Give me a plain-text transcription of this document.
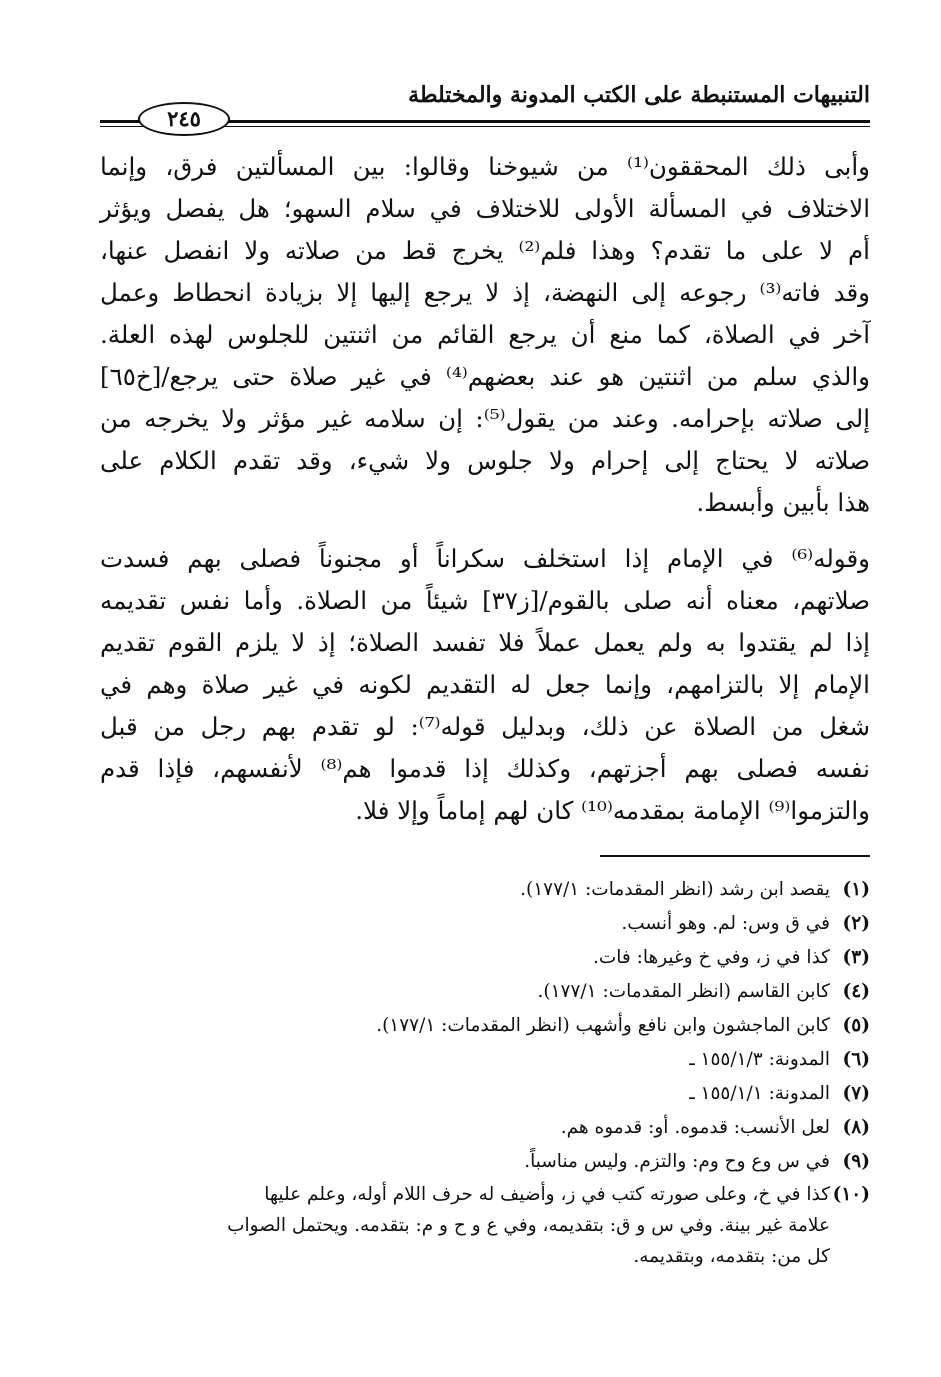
التنبيهات المستنبطة على الكتب المدونة والمختلطة
٢٤٥

وأبى ذلك المحققون⁽¹⁾ من شيوخنا وقالوا: بين المسألتين فرق، وإنما
الاختلاف في المسألة الأولى للاختلاف في سلام السهو؛ هل يفصل ويؤثر
أم لا على ما تقدم؟ وهذا فلم⁽²⁾ يخرج قط من صلاته ولا انفصل عنها،
وقد فاته⁽³⁾ رجوعه إلى النهضة، إذ لا يرجع إليها إلا بزيادة انحطاط وعمل
آخر في الصلاة، كما منع أن يرجع القائم من اثنتين للجلوس لهذه العلة.
والذي سلم من اثنتين هو عند بعضهم⁽⁴⁾ في غير صلاة حتى يرجع/[خ٦٥]
إلى صلاته بإحرامه. وعند من يقول⁽⁵⁾: إن سلامه غير مؤثر ولا يخرجه من
صلاته لا يحتاج إلى إحرام ولا جلوس ولا شيء، وقد تقدم الكلام على
هذا بأبين وأبسط.

وقوله⁽⁶⁾ في الإمام إذا استخلف سكراناً أو مجنوناً فصلى بهم فسدت
صلاتهم، معناه أنه صلى بالقوم/[ز٣٧] شيئاً من الصلاة. وأما نفس تقديمه
إذا لم يقتدوا به ولم يعمل عملاً فلا تفسد الصلاة؛ إذ لا يلزم القوم تقديم
الإمام إلا بالتزامهم، وإنما جعل له التقديم لكونه في غير صلاة وهم في
شغل من الصلاة عن ذلك، وبدليل قوله⁽⁷⁾: لو تقدم بهم رجل من قبل
نفسه فصلى بهم أجزتهم، وكذلك إذا قدموا هم⁽⁸⁾ لأنفسهم، فإذا قدم
والتزموا⁽⁹⁾ الإمامة بمقدمه⁽¹⁰⁾ كان لهم إماماً وإلا فلا.

(١)يقصد ابن رشد (انظر المقدمات: ١٧٧/١).
(٢)في ق وس: لم. وهو أنسب.
(٣)كذا في ز، وفي خ وغيرها: فات.
(٤)كابن القاسم (انظر المقدمات: ١٧٧/١).
(٥)كابن الماجشون وابن نافع وأشهب (انظر المقدمات: ١٧٧/١).
(٦)المدونة: ١٥٥/١/٣ ـ
(٧)المدونة: ١٥٥/١/١ ـ
(٨)لعل الأنسب: قدموه. أو: قدموه هم.
(٩)في س وع وح وم: والتزم. وليس مناسباً.
(١٠)كذا في خ، وعلى صورته كتب في ز، وأضيف له حرف اللام أوله، وعلم عليها
علامة غير بينة. وفي س و ق: بتقديمه، وفي ع و ح و م: بتقدمه. ويحتمل الصواب
كل من: بتقدمه، وبتقديمه.
